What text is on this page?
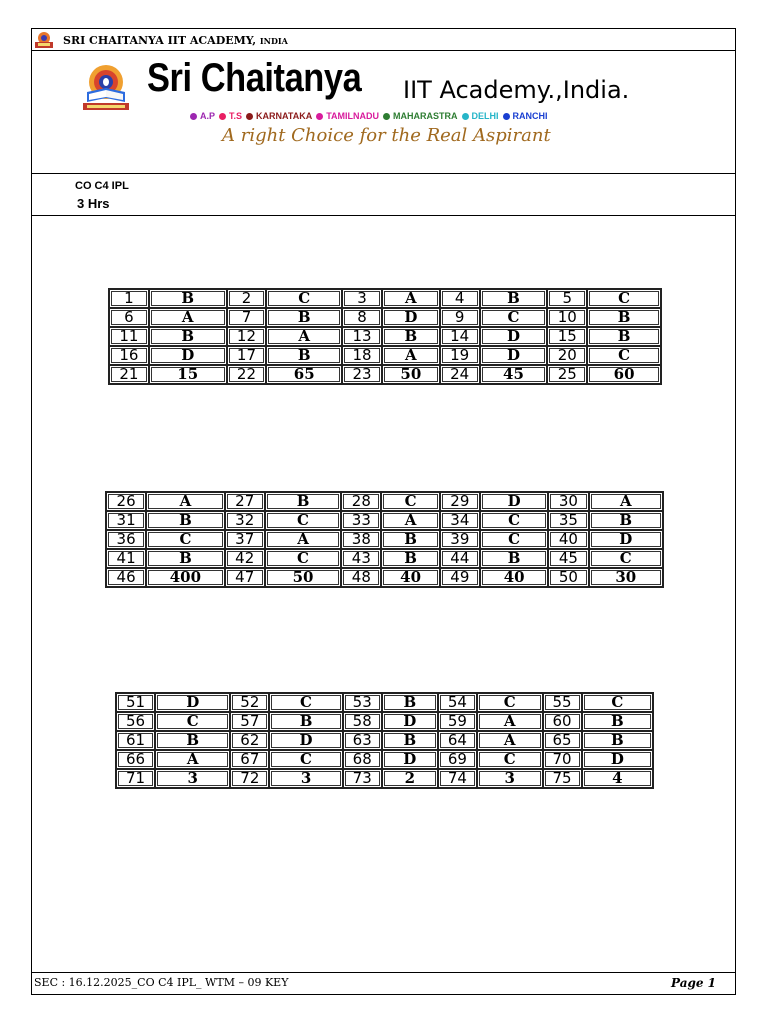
SRI CHAITANYA IIT ACADEMY, INDIA
Sri Chaitanya	IIT Academy.,India.
A.P T.S KARNATAKA TAMILNADU MAHARASTRA DELHI RANCHI
A right Choice for the Real Aspirant
CO C4 IPL
3 Hrs
1	B	2	C	3	A	4	B	5	C
6	A	7	B	8	D	9	C	10	B
11	B	12	A	13	B	14	D	15	B
16	D	17	B	18	A	19	D	20	C
21	15	22	65	23	50	24	45	25	60
26	A	27	B	28	C	29	D	30	A
31	B	32	C	33	A	34	C	35	B
36	C	37	A	38	B	39	C	40	D
41	B	42	C	43	B	44	B	45	C
46	400	47	50	48	40	49	40	50	30
51	D	52	C	53	B	54	C	55	C
56	C	57	B	58	D	59	A	60	B
61	B	62	D	63	B	64	A	65	B
66	A	67	C	68	D	69	C	70	D
71	3	72	3	73	2	74	3	75	4
SEC : 16.12.2025_CO C4 IPL_ WTM – 09 KEY	Page 1
